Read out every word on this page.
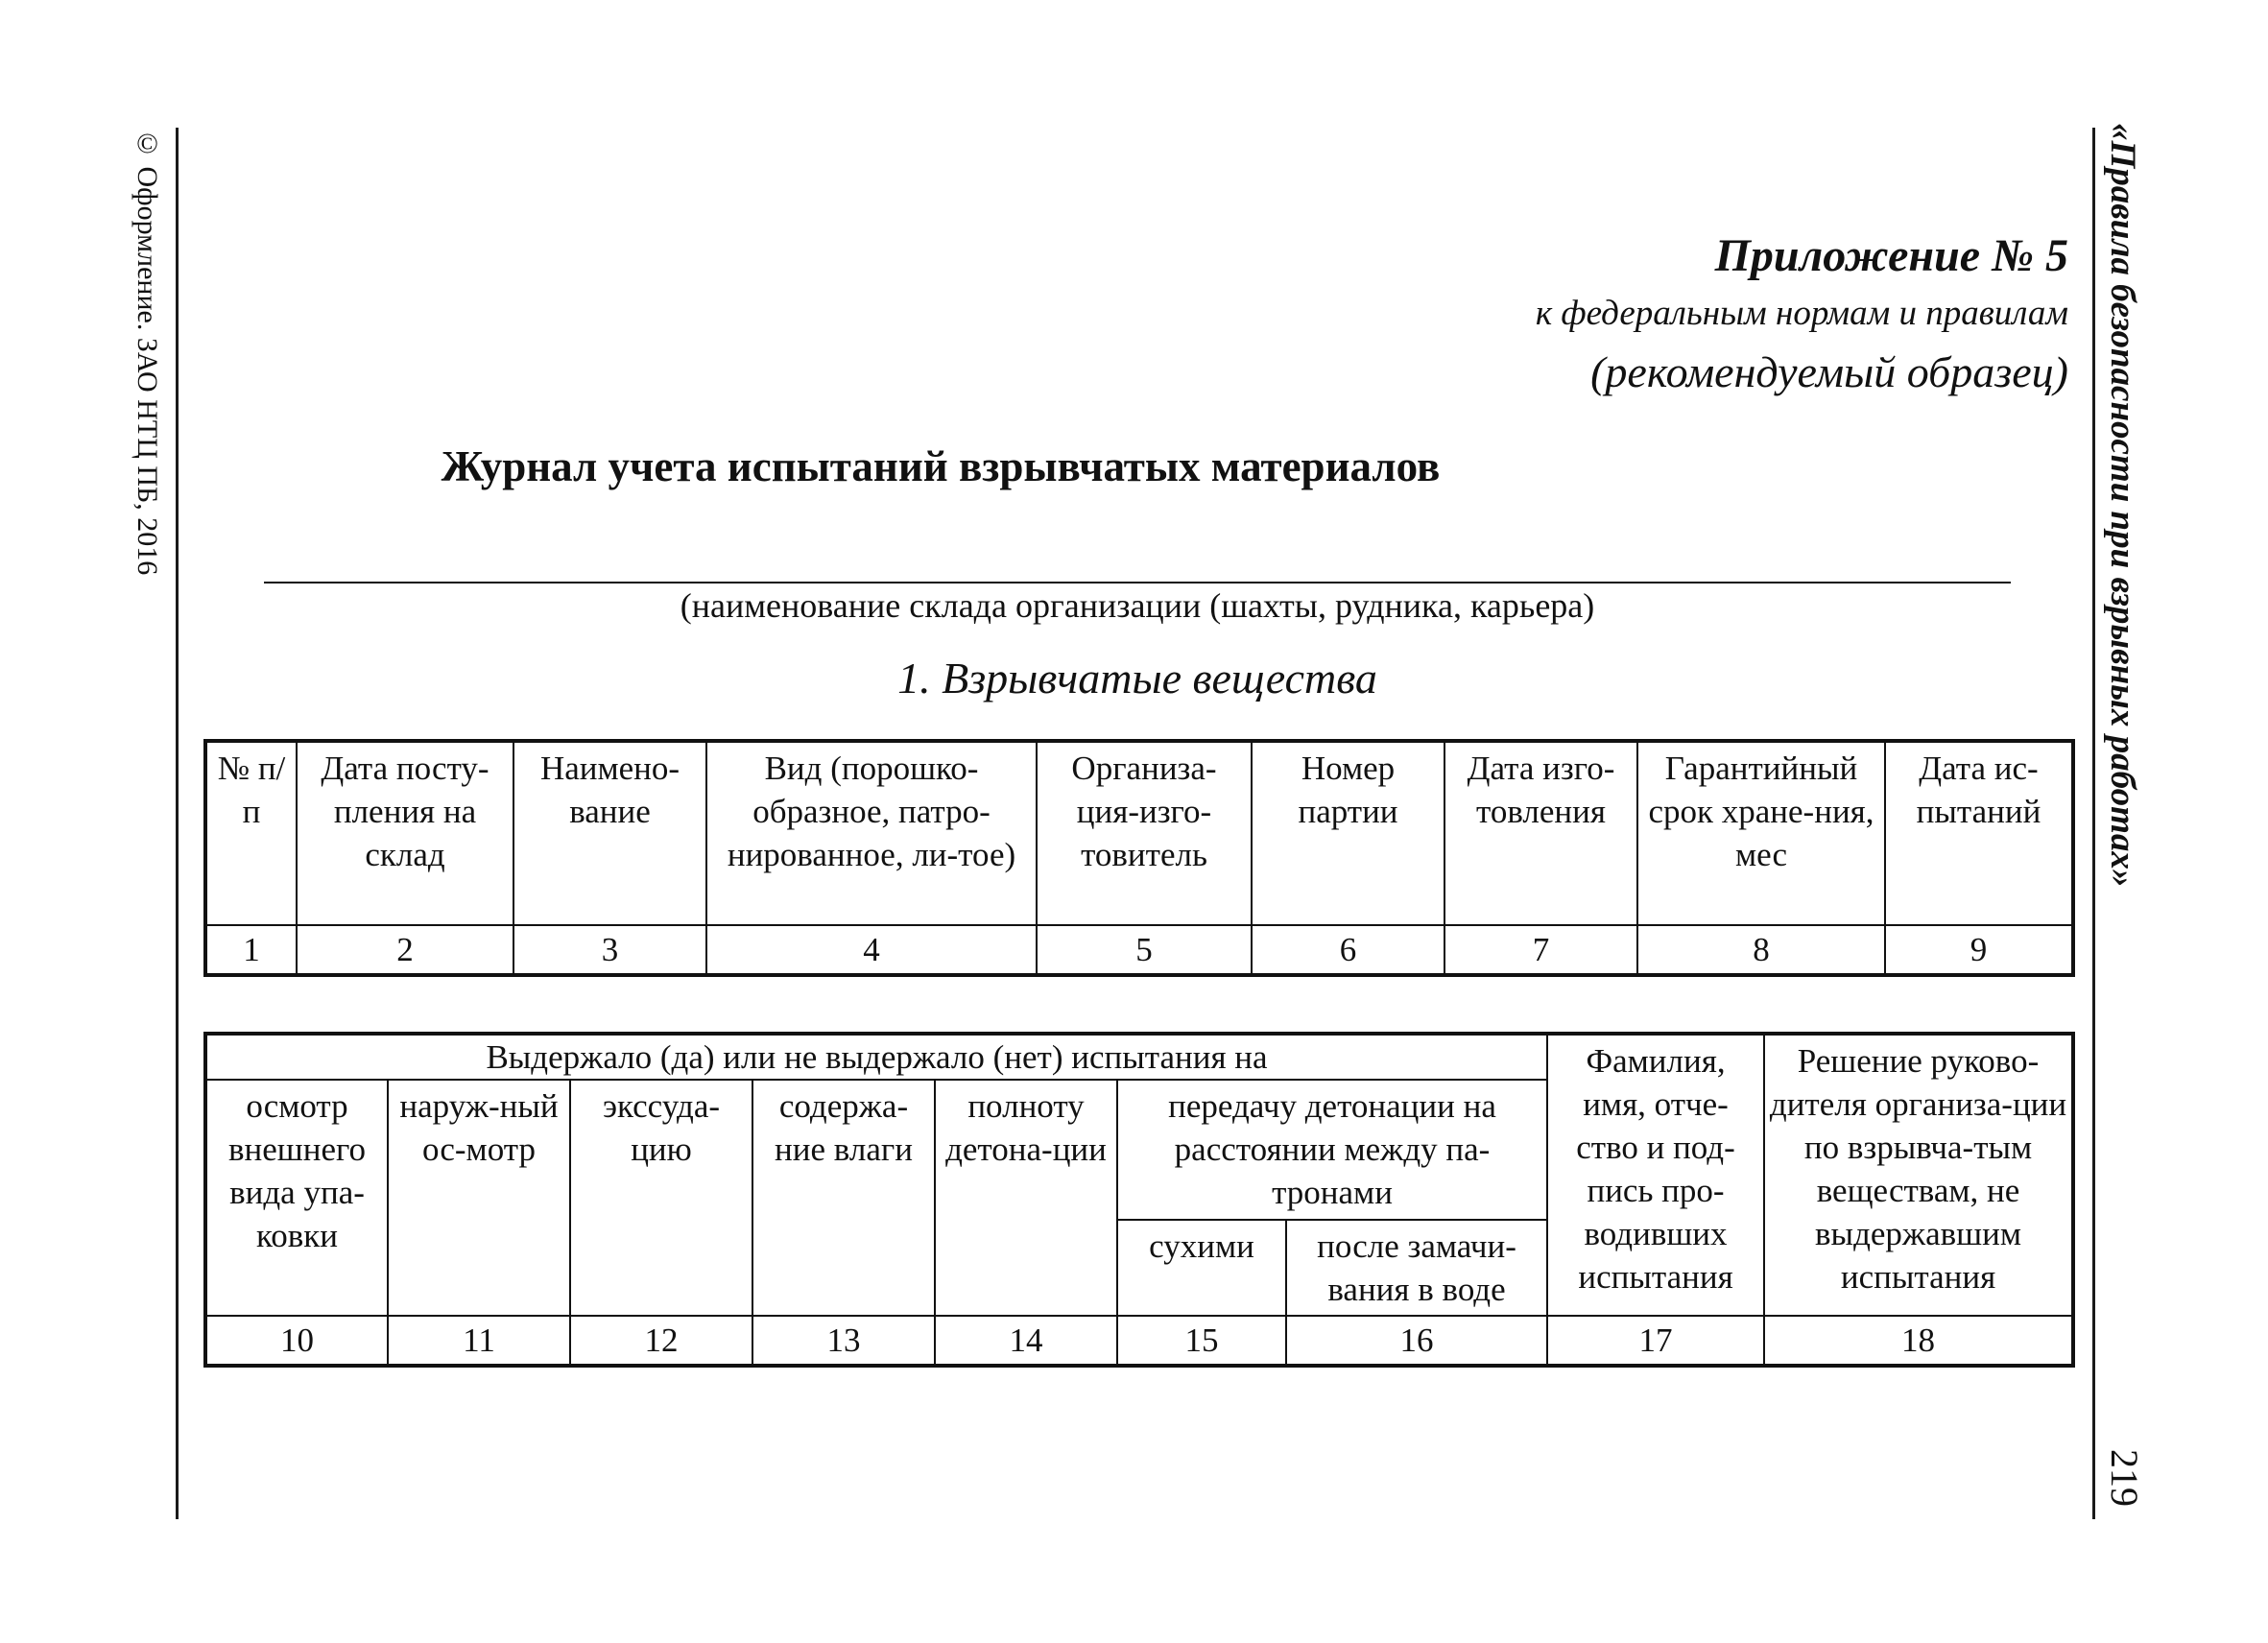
© Оформление. ЗАО НТЦ ПБ, 2016	«Правила безопасности при взрывных работах»
219
Приложение № 5
к федеральным нормам и правилам
(рекомендуемый образец)
Журнал учета испытаний взрывчатых материалов
(наименование склада организации (шахты, рудника, карьера)
1. Взрывчатые вещества
№ п/п	Дата посту-пления на склад	Наимено-вание	Вид (порошко-образное, патро-нированное, ли-тое)	Организа-ция-изго-товитель	Номер партии	Дата изго-товления	Гарантийный срок хране-ния, мес	Дата ис-пытаний
1	2	3	4	5	6	7	8	9
Выдержало (да) или не выдержало (нет) испытания на							Фамилия, имя, отче-ство и под-пись про-водивших испытания	Решение руково-дителя организа-ции по взрывча-тым веществам, не выдержавшим испытания
осмотр внешнего вида упа-ковки	наруж-ный ос-мотр	экссуда-цию	содержа-ние влаги	полноту детона-ции	передачу детонации на расстоянии между па-тронами			
					сухими	после замачи-вания в воде		
10	11	12	13	14	15	16	17	18
